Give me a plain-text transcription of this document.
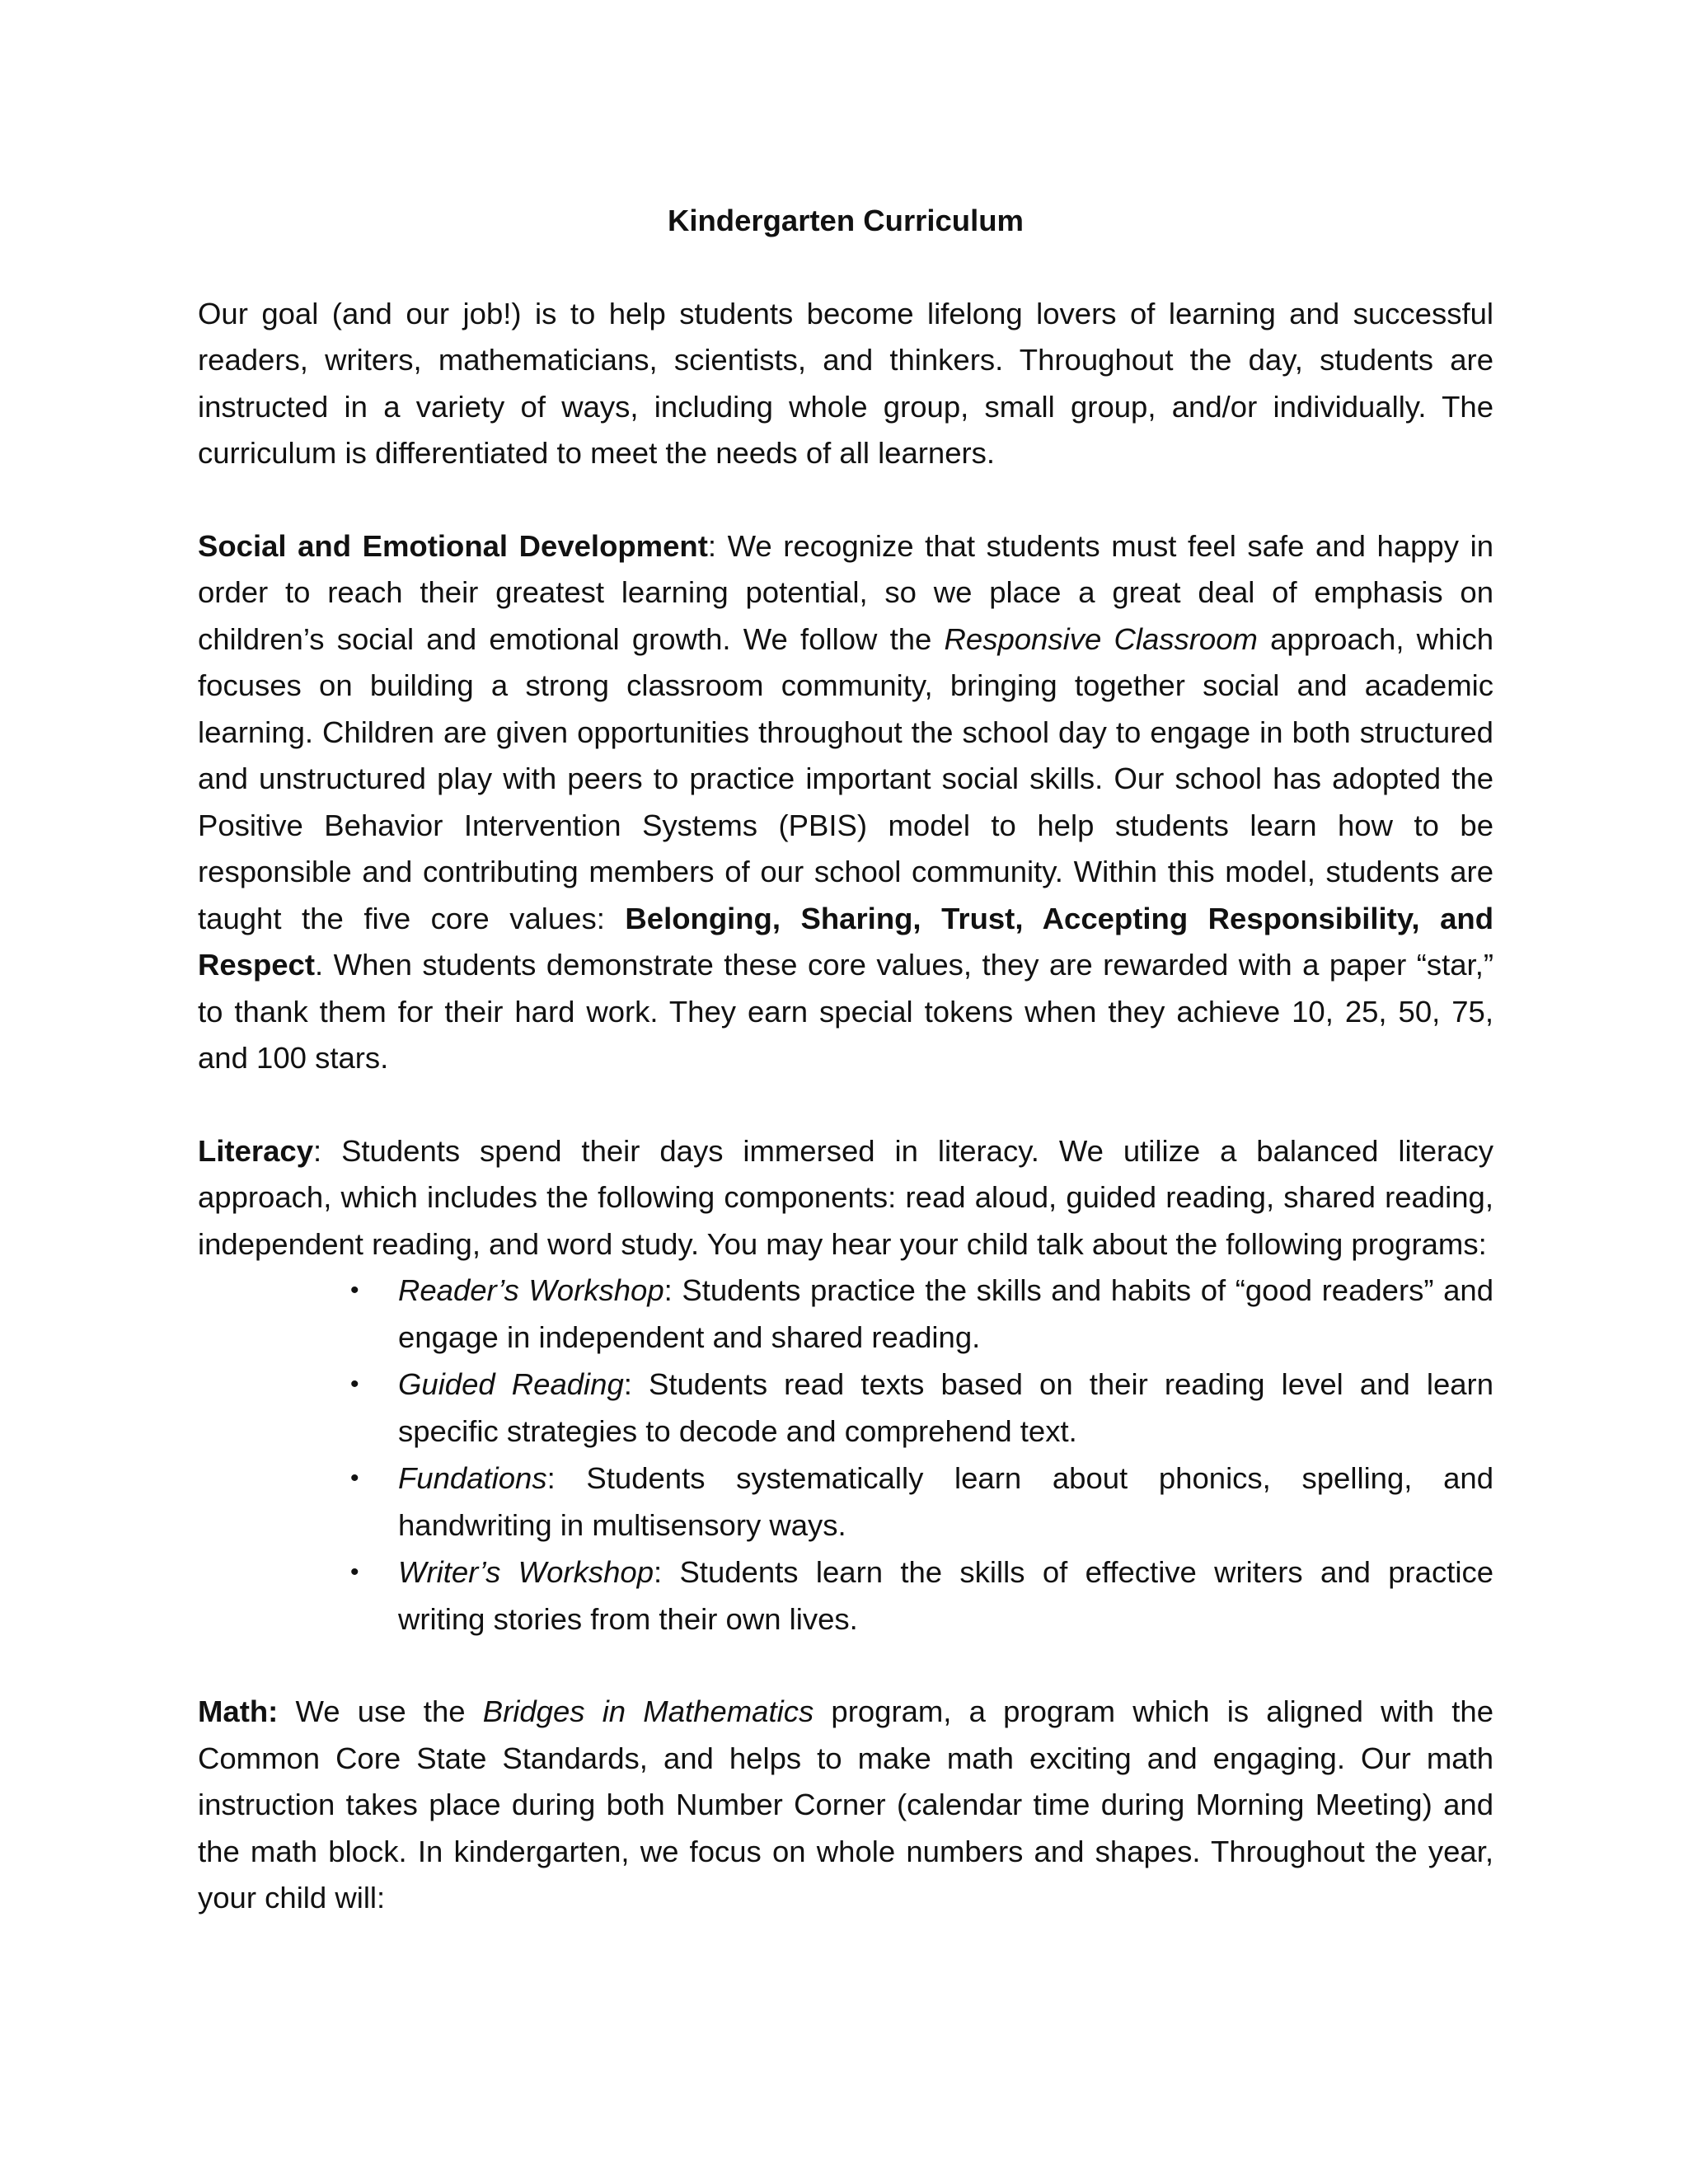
Kindergarten Curriculum

Our goal (and our job!) is to help students become lifelong lovers of learning and successful readers, writers, mathematicians, scientists, and thinkers. Throughout the day, students are instructed in a variety of ways, including whole group, small group, and/or individually. The curriculum is differentiated to meet the needs of all learners.

Social and Emotional Development: We recognize that students must feel safe and happy in order to reach their greatest learning potential, so we place a great deal of emphasis on children’s social and emotional growth. We follow the Responsive Classroom approach, which focuses on building a strong classroom community, bringing together social and academic learning. Children are given opportunities throughout the school day to engage in both structured and unstructured play with peers to practice important social skills. Our school has adopted the Positive Behavior Intervention Systems (PBIS) model to help students learn how to be responsible and contributing members of our school community. Within this model, students are taught the five core values: Belonging, Sharing, Trust, Accepting Responsibility, and Respect. When students demonstrate these core values, they are rewarded with a paper “star,” to thank them for their hard work. They earn special tokens when they achieve 10, 25, 50, 75, and 100 stars.

Literacy: Students spend their days immersed in literacy. We utilize a balanced literacy approach, which includes the following components: read aloud, guided reading, shared reading, independent reading, and word study. You may hear your child talk about the following programs:

• Reader’s Workshop: Students practice the skills and habits of “good readers” and engage in independent and shared reading.
• Guided Reading: Students read texts based on their reading level and learn specific strategies to decode and comprehend text.
• Fundations: Students systematically learn about phonics, spelling, and handwriting in multisensory ways.
• Writer’s Workshop: Students learn the skills of effective writers and practice writing stories from their own lives.

Math: We use the Bridges in Mathematics program, a program which is aligned with the Common Core State Standards, and helps to make math exciting and engaging. Our math instruction takes place during both Number Corner (calendar time during Morning Meeting) and the math block. In kindergarten, we focus on whole numbers and shapes. Throughout the year, your child will:
